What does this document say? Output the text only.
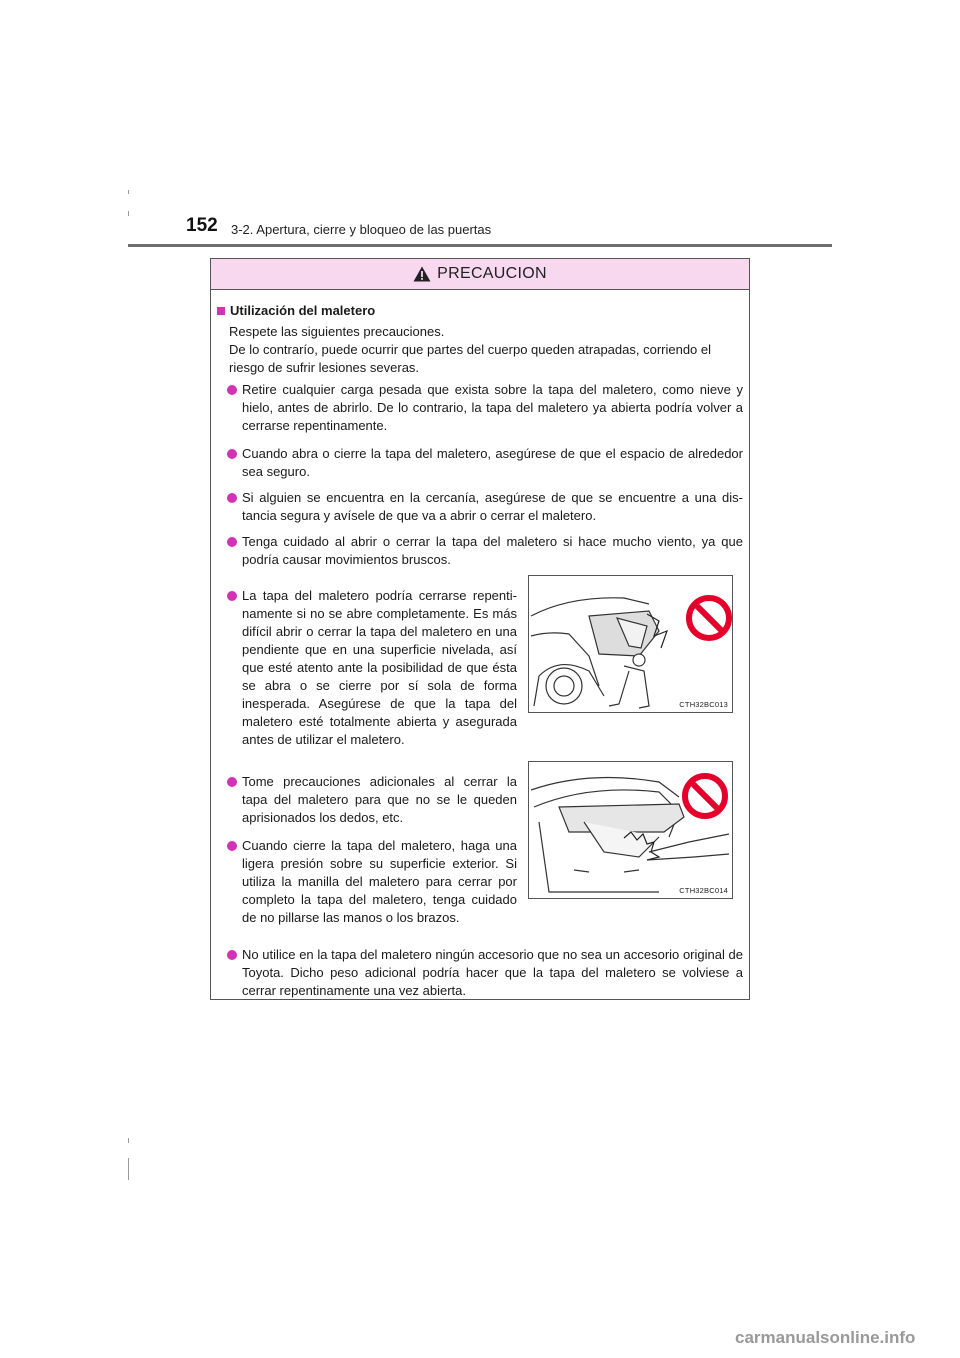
152 3-2. Apertura, cierre y bloqueo de las puertas
PRECAUCION
Utilización del maletero
Respete las siguientes precauciones.
De lo contrarío, puede ocurrir que partes del cuerpo queden atrapadas, corriendo el riesgo de sufrir lesiones severas.
Retire cualquier carga pesada que exista sobre la tapa del maletero, como nieve y hielo, antes de abrirlo. De lo contrario, la tapa del maletero ya abierta podría volver a cerrarse repentinamente.
Cuando abra o cierre la tapa del maletero, asegúrese de que el espacio de alrededor sea seguro.
Si alguien se encuentra en la cercanía, asegúrese de que se encuentre a una distancia segura y avísele de que va a abrir o cerrar el maletero.
Tenga cuidado al abrir o cerrar la tapa del maletero si hace mucho viento, ya que podría causar movimientos bruscos.
La tapa del maletero podría cerrarse repentinamente si no se abre completamente. Es más difícil abrir o cerrar la tapa del maletero en una pendiente que en una superficie nivelada, así que esté atento ante la posibilidad de que ésta se abra o se cierre por sí sola de forma inesperada. Asegúrese de que la tapa del maletero esté totalmente abierta y asegurada antes de utilizar el maletero.
Tome precauciones adicionales al cerrar la tapa del maletero para que no se le queden aprisionados los dedos, etc.
Cuando cierre la tapa del maletero, haga una ligera presión sobre su superficie exterior. Si utiliza la manilla del maletero para cerrar por completo la tapa del maletero, tenga cuidado de no pillarse las manos o los brazos.
No utilice en la tapa del maletero ningún accesorio que no sea un accesorio original de Toyota. Dicho peso adicional podría hacer que la tapa del maletero se volviese a cerrar repentinamente una vez abierta.
CTH32BC013
CTH32BC014
carmanualsonline.info
